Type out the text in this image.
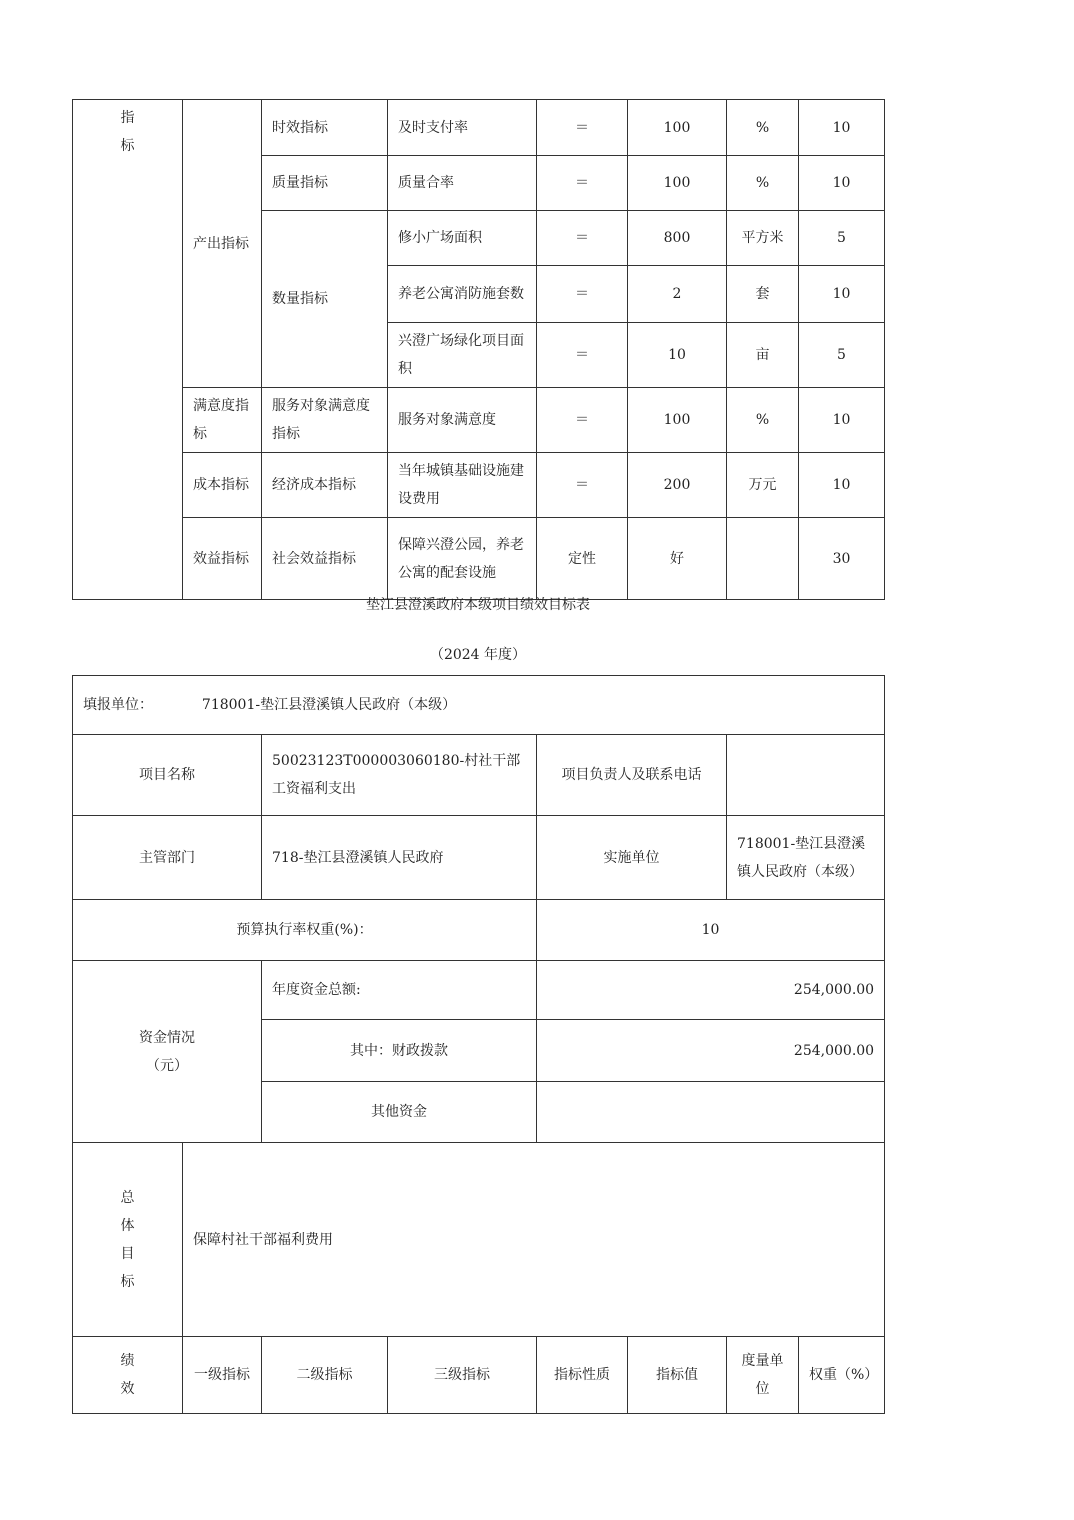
指
标	产出指标	时效指标	及时支付率	＝	100	%	10
		质量指标	质量合率	＝	100	%	10
		数量指标	修小广场面积	＝	800	平方米	5
			养老公寓消防施套数	＝	2	套	10
			兴澄广场绿化项目面积	＝	10	亩	5
	满意度指标	服务对象满意度指标	服务对象满意度	＝	100	%	10
	成本指标	经济成本指标	当年城镇基础设施建设费用	＝	200	万元	10
	效益指标	社会效益指标	保障兴澄公园，养老公寓的配套设施	定性	好		30
垫江县澄溪政府本级项目绩效目标表
（2024 年度）
填报单位： 718001-垫江县澄溪镇人民政府（本级）							
项目名称		50023123T000003060180-村社干部工资福利支出		项目负责人及联系电话			
主管部门		718-垫江县澄溪镇人民政府		实施单位		718001-垫江县澄溪镇人民政府（本级）	
预算执行率权重(%)：				10			

资金情况
（元）		年度资金总额:		254,000.00			
		其中：财政拨款		254,000.00			
		其他资金					

总
体
目
标	保障村社干部福利费用						

绩
效	一级指标	二级指标	三级指标	指标性质	指标值	度量单位	权重（%）
